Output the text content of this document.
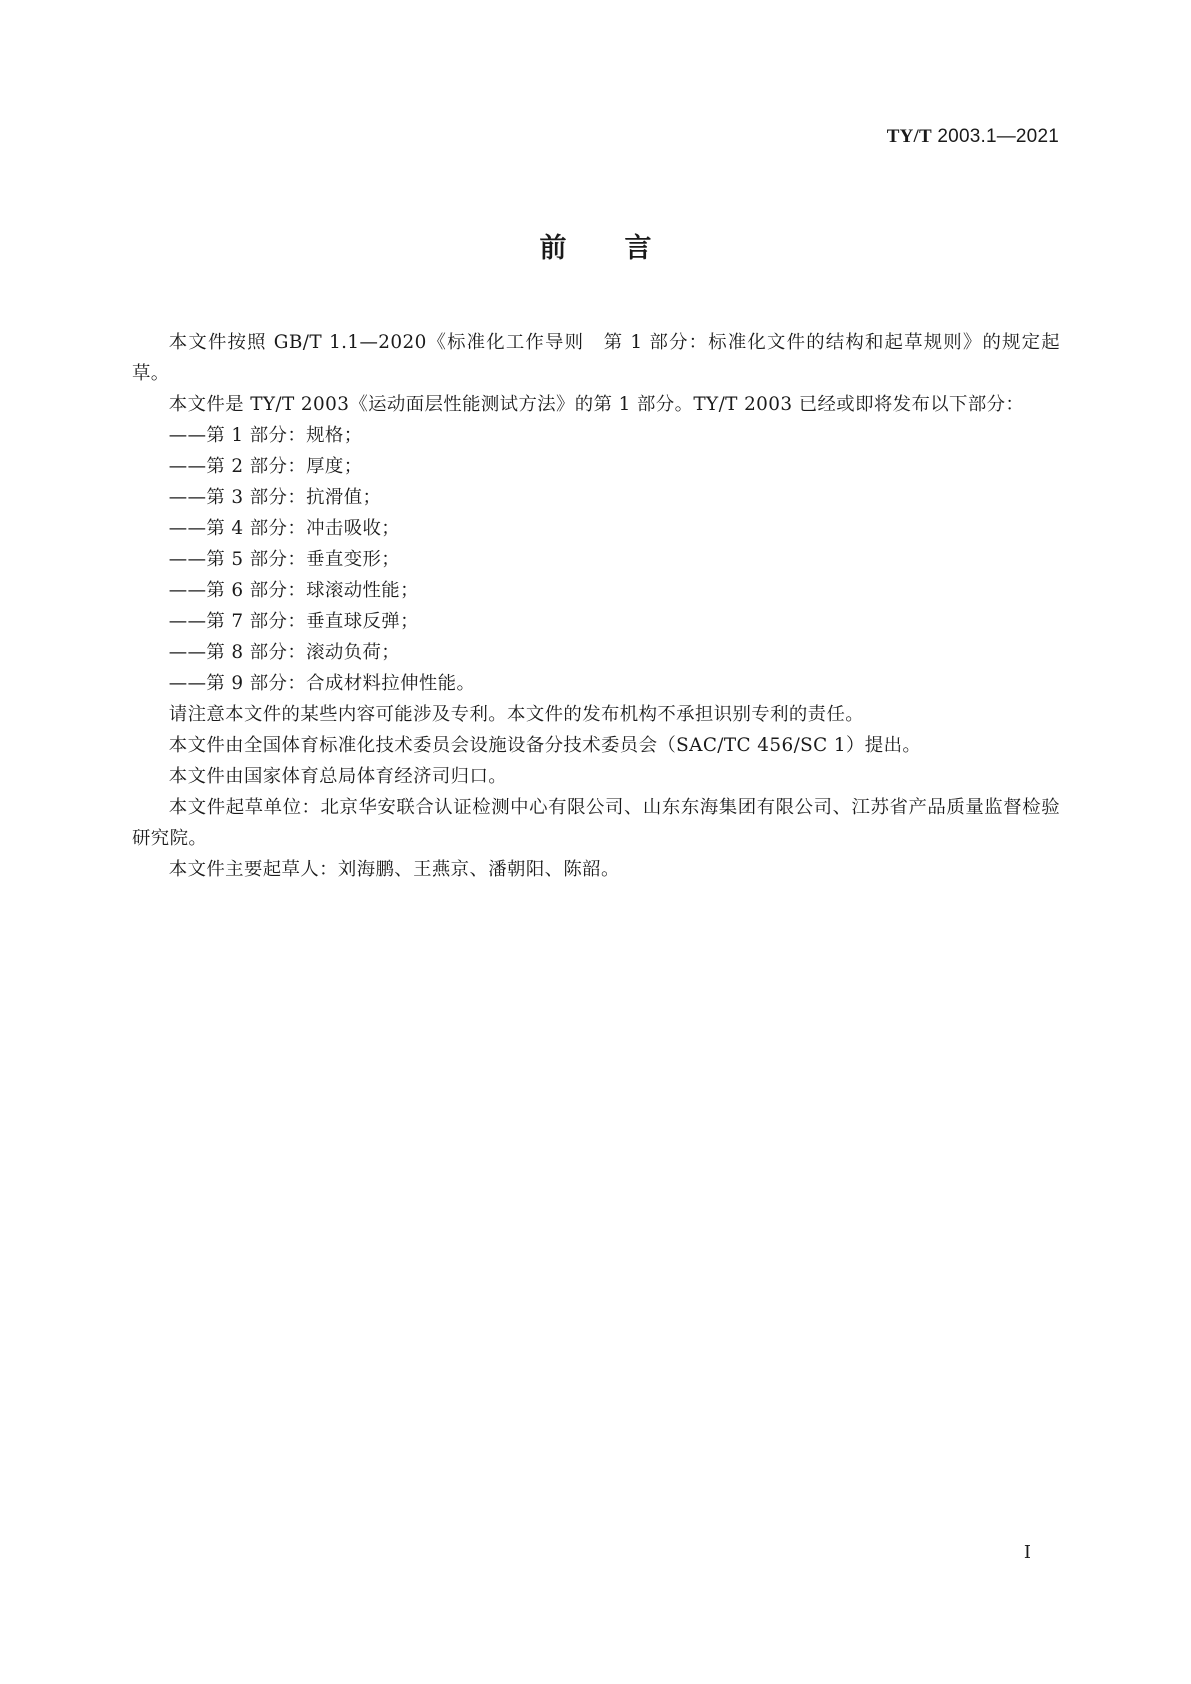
TY/T 2003.1—2021
前言

本文件按照 GB/T 1.1—2020《标准化工作导则　第 1 部分：标准化文件的结构和起草规则》的规定起草。

本文件是 TY/T 2003《运动面层性能测试方法》的第 1 部分。TY/T 2003 已经或即将发布以下部分：

——第 1 部分：规格；

——第 2 部分：厚度；

——第 3 部分：抗滑值；

——第 4 部分：冲击吸收；

——第 5 部分：垂直变形；

——第 6 部分：球滚动性能；

——第 7 部分：垂直球反弹；

——第 8 部分：滚动负荷；

——第 9 部分：合成材料拉伸性能。

请注意本文件的某些内容可能涉及专利。本文件的发布机构不承担识别专利的责任。

本文件由全国体育标准化技术委员会设施设备分技术委员会（SAC/TC 456/SC 1）提出。

本文件由国家体育总局体育经济司归口。

本文件起草单位：北京华安联合认证检测中心有限公司、山东东海集团有限公司、江苏省产品质量监督检验研究院。

本文件主要起草人：刘海鹏、王燕京、潘朝阳、陈韶。

I
